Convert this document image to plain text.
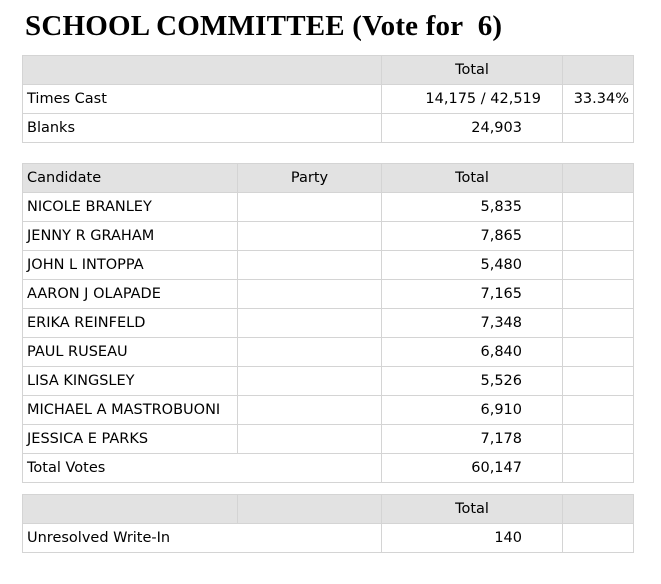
SCHOOL COMMITTEE (Vote for  6)
	Total	
Times Cast	14,175 / 42,519	33.34%
Blanks	24,903	
Candidate	Party	Total	
NICOLE BRANLEY		5,835	
JENNY R GRAHAM		7,865	
JOHN L INTOPPA		5,480	
AARON J OLAPADE		7,165	
ERIKA REINFELD		7,348	
PAUL RUSEAU		6,840	
LISA KINGSLEY		5,526	
MICHAEL A MASTROBUONI		6,910	
JESSICA E PARKS		7,178	
Total Votes		60,147	
		Total	
Unresolved Write-In		140	
